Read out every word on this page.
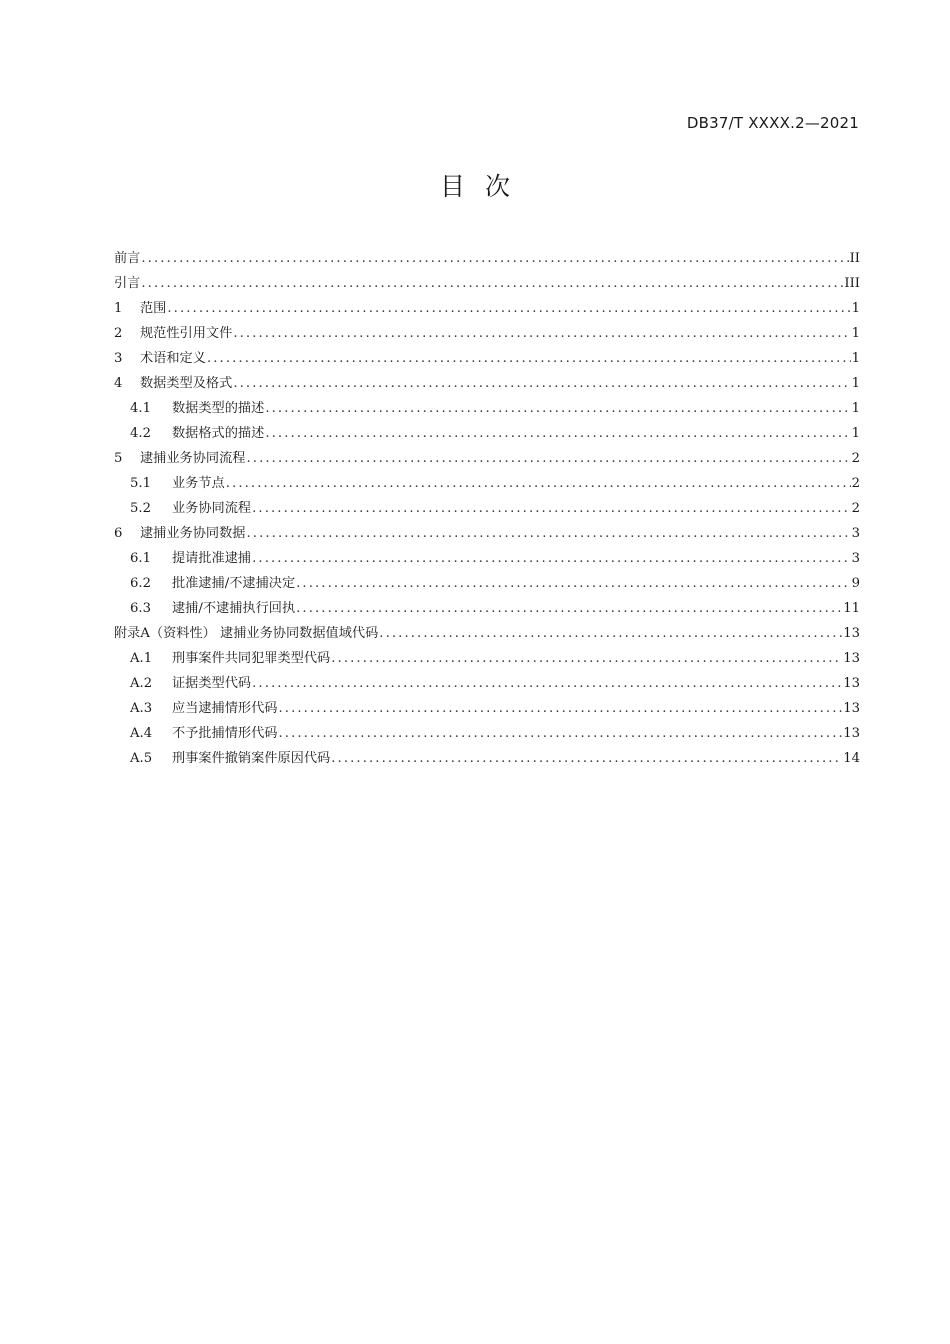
DB37/T XXXX.2—2021
目次
前言 .....	II
引言 .....	III
1	范围 .....	1
2	规范性引用文件 .....	1
3	术语和定义 .....	1
4	数据类型及格式 .....	1
4.1	数据类型的描述 .....	1
4.2	数据格式的描述 .....	1
5	逮捕业务协同流程 .....	2
5.1	业务节点 .....	2
5.2	业务协同流程 .....	2
6	逮捕业务协同数据 .....	3
6.1	提请批准逮捕 .....	3
6.2	批准逮捕/不逮捕决定 .....	9
6.3	逮捕/不逮捕执行回执 .....	11
附录A（资料性） 逮捕业务协同数据值域代码 .....	13
A.1	刑事案件共同犯罪类型代码 .....	13
A.2	证据类型代码 .....	13
A.3	应当逮捕情形代码 .....	13
A.4	不予批捕情形代码 .....	13
A.5	刑事案件撤销案件原因代码 .....	14
